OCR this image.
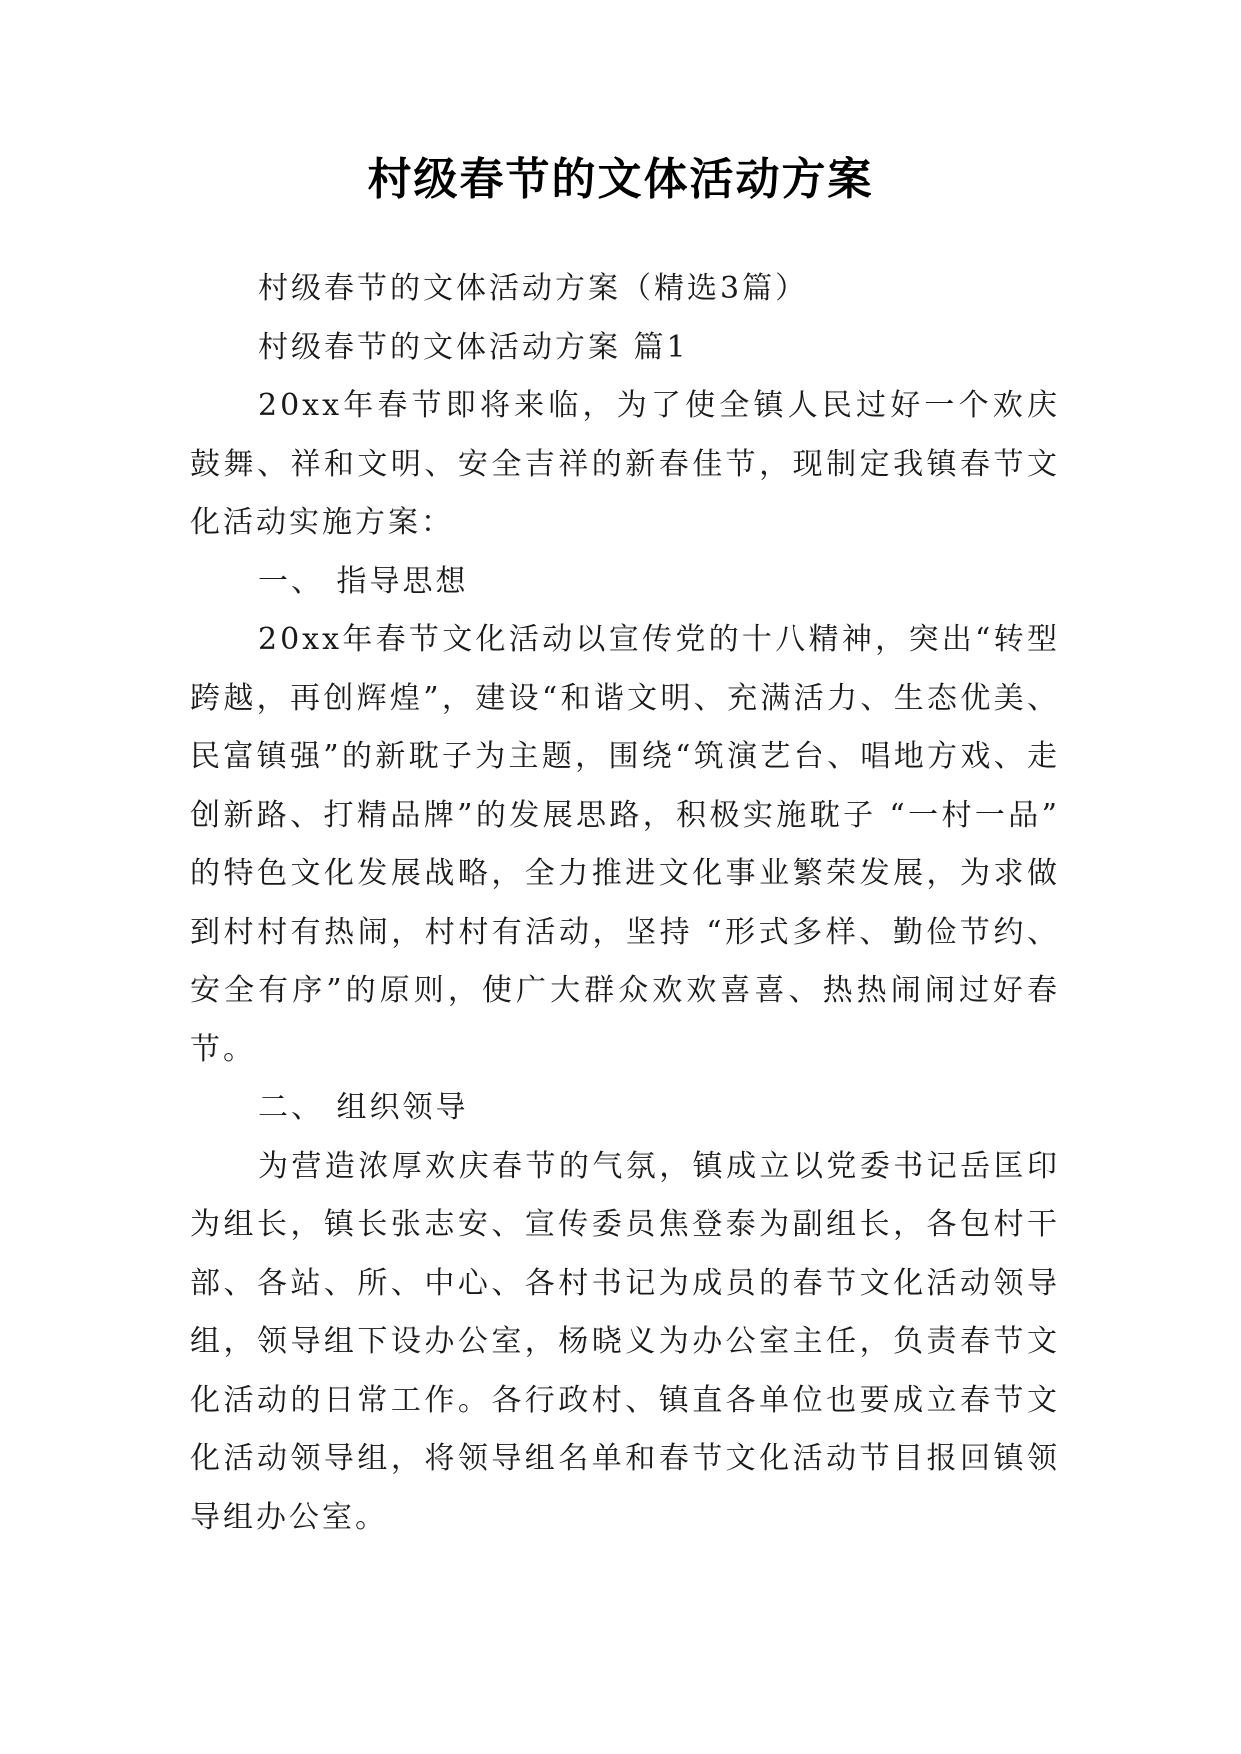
村级春节的文体活动方案

村级春节的文体活动方案（精选3篇）

村级春节的文体活动方案 篇1

20xx年春节即将来临，为了使全镇人民过好一个欢庆鼓舞、祥和文明、安全吉祥的新春佳节，现制定我镇春节文化活动实施方案：

一、 指导思想

20xx年春节文化活动以宣传党的十八精神，突出“转型跨越，再创辉煌”，建设“和谐文明、充满活力、生态优美、民富镇强”的新耽子为主题，围绕“筑演艺台、唱地方戏、走创新路、打精品牌”的发展思路，积极实施耽子 “一村一品” 的特色文化发展战略，全力推进文化事业繁荣发展，为求做到村村有热闹，村村有活动，坚持 “形式多样、勤俭节约、安全有序”的原则，使广大群众欢欢喜喜、热热闹闹过好春节。

二、 组织领导

为营造浓厚欢庆春节的气氛，镇成立以党委书记岳匡印为组长，镇长张志安、宣传委员焦登泰为副组长，各包村干部、各站、所、中心、各村书记为成员的春节文化活动领导组，领导组下设办公室，杨晓义为办公室主任，负责春节文化活动的日常工作。各行政村、镇直各单位也要成立春节文化活动领导组，将领导组名单和春节文化活动节目报回镇领导组办公室。
